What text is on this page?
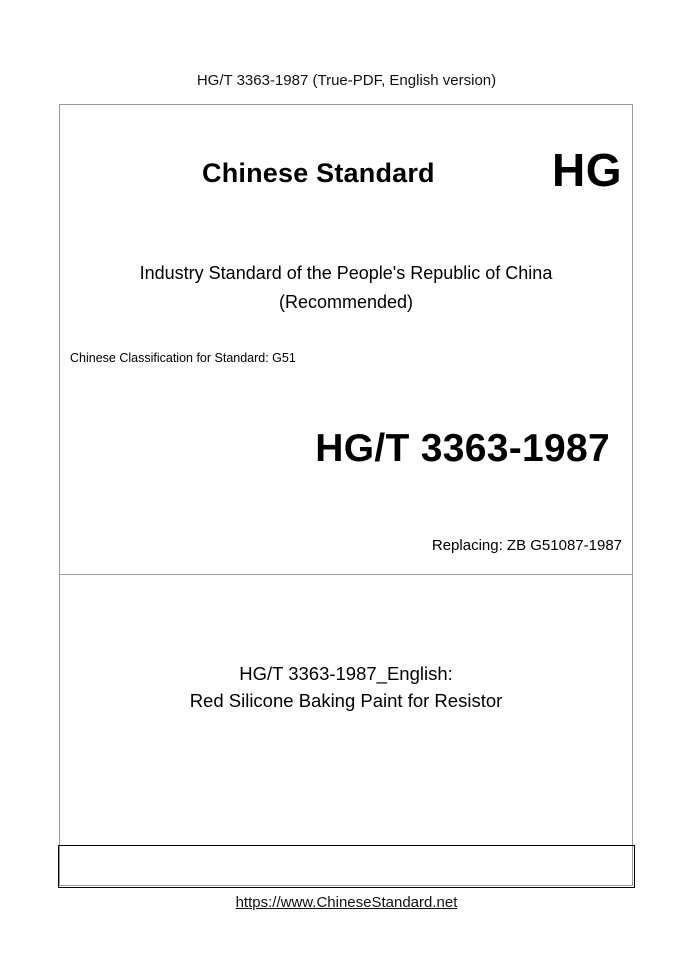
HG/T 3363-1987 (True-PDF, English version)
Chinese Standard	HG
Industry Standard of the People's Republic of China
(Recommended)
Chinese Classification for Standard: G51
HG/T 3363-1987
Replacing: ZB G51087-1987
HG/T 3363-1987_English:
Red Silicone Baking Paint for Resistor
https://www.ChineseStandard.net
